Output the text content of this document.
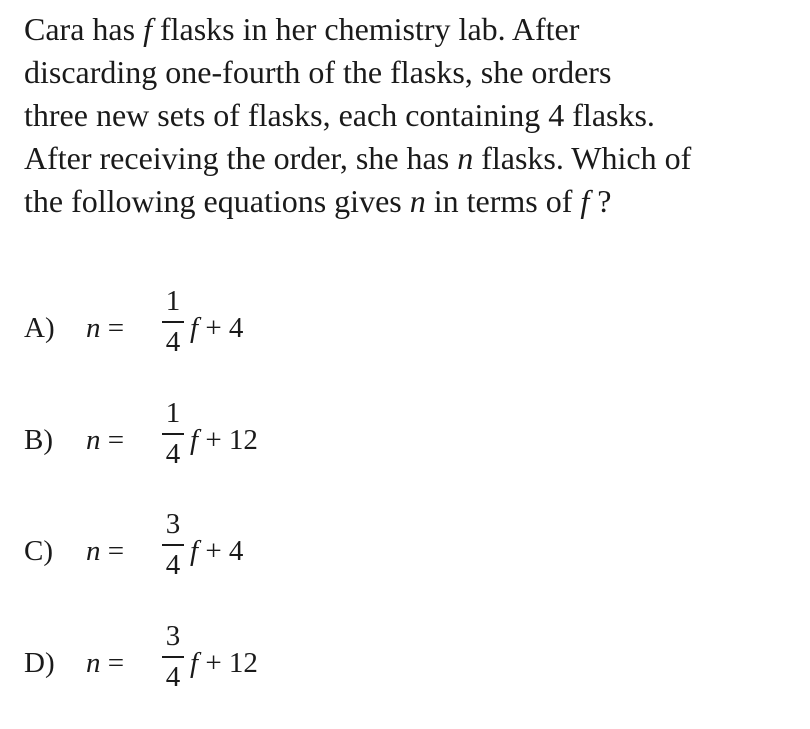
Cara has f flasks in her chemistry lab. After

discarding one-fourth of the flasks, she orders

three new sets of flasks, each containing 4 flasks.

After receiving the order, she has n flasks. Which of

the following equations gives n in terms of f ?

A) n =
1
4 f + 4
B) n =
1
4 f + 12
C) n =
3
4 f + 4
D) n =
3
4 f + 12
